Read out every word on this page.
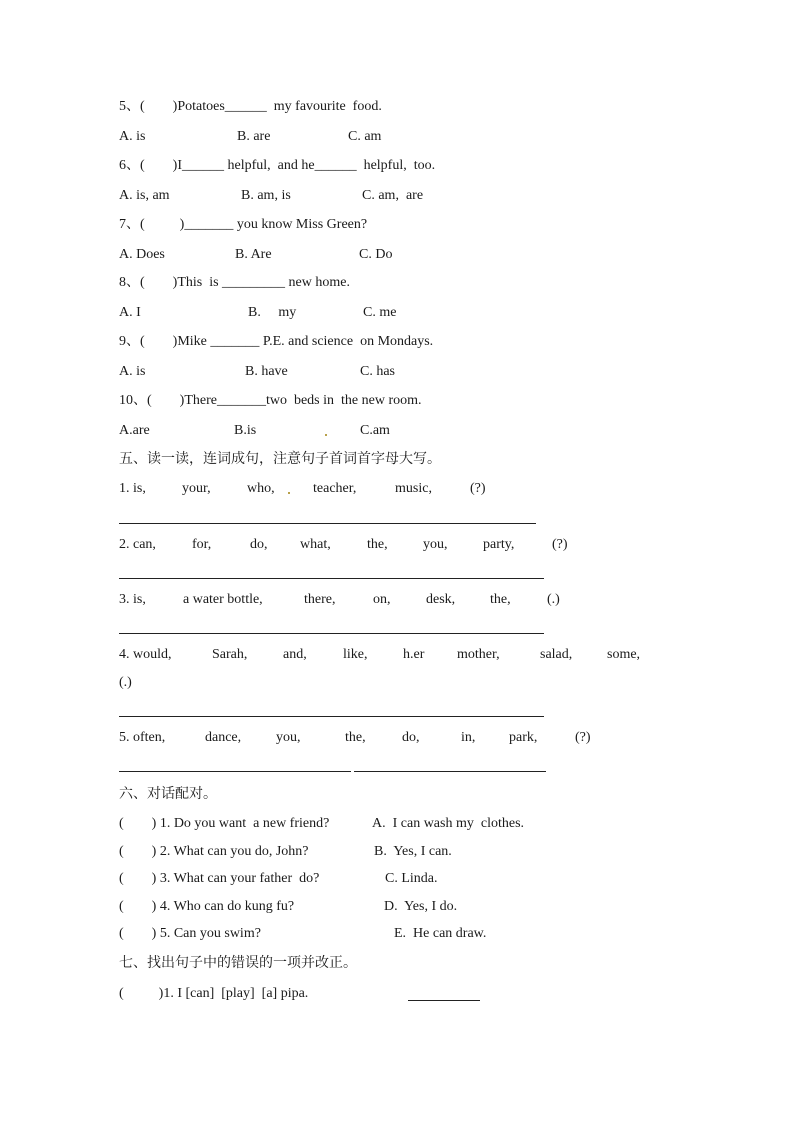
5、(        )Potatoes______  my favourite  food.
A. is	B. are	C. am
6、(        )I______ helpful,  and he______  helpful,  too.
A. is, am	B. am, is	C. am,  are
7、(          )_______ you know Miss Green?
A. Does	B. Are	C. Do
8、(        )This  is _________ new home.
A. I	B.     my	C. me
9、(        )Mike _______ P.E. and science  on Mondays.
A. is	B. have	C. has
10、(        )There_______two  beds in  the new room.
A.are	B.is	C.am
五、读一读，连词成句，注意句子首词首字母大写。
1. is,	your,	who,	teacher,	music,	(?)
2. can,	for,	do, what,	the,	you,	party,	(?)
3. is,	a water bottle,	there,	on,	desk, the,	(.)
4. would,	Sarah,	and,	like,	h.er mother,	salad, some,
(.)
5. often,	dance, you,	the,	do,	in, park,	(?)
六、对话配对。
(        ) 1. Do you want  a new friend?	A.  I can wash my  clothes.
(        ) 2. What can you do, John?	B.  Yes, I can.
(        ) 3. What can your father  do?	C. Linda.
(        ) 4. Who can do kung fu?	D.  Yes, I do.
(        ) 5. Can you swim?	E.  He can draw.
七、找出句子中的错误的一项并改正。
(          )1. I [can]  [play]  [a] pipa.
